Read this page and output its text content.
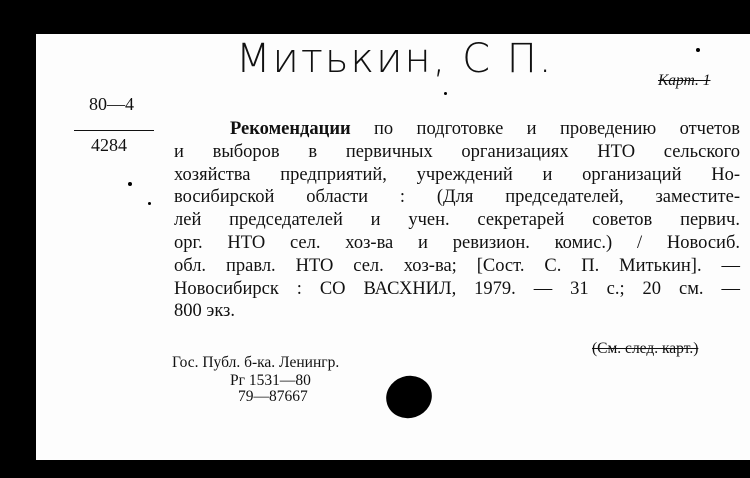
Митькин, С П.	Карт. 1
80—4
4284
Рекомендации по подготовке и проведению отчетов
и выборов в первичных организациях НТО сельского
хозяйства предприятий, учреждений и организаций Но-
восибирской области : (Для председателей, заместите-
лей председателей и учен. секретарей советов первич.
орг. НТО сел. хоз-ва и ревизион. комис.) / Новосиб.
обл. правл. НТО сел. хоз-ва; [Сост. С. П. Митькин]. —
Новосибирск : СО ВАСХНИЛ, 1979. — 31 с.; 20 см. —
800 экз.
(См. след. карт.)
Гос. Публ. б-ка. Ленингр.
Рг 1531—80
79—87667
